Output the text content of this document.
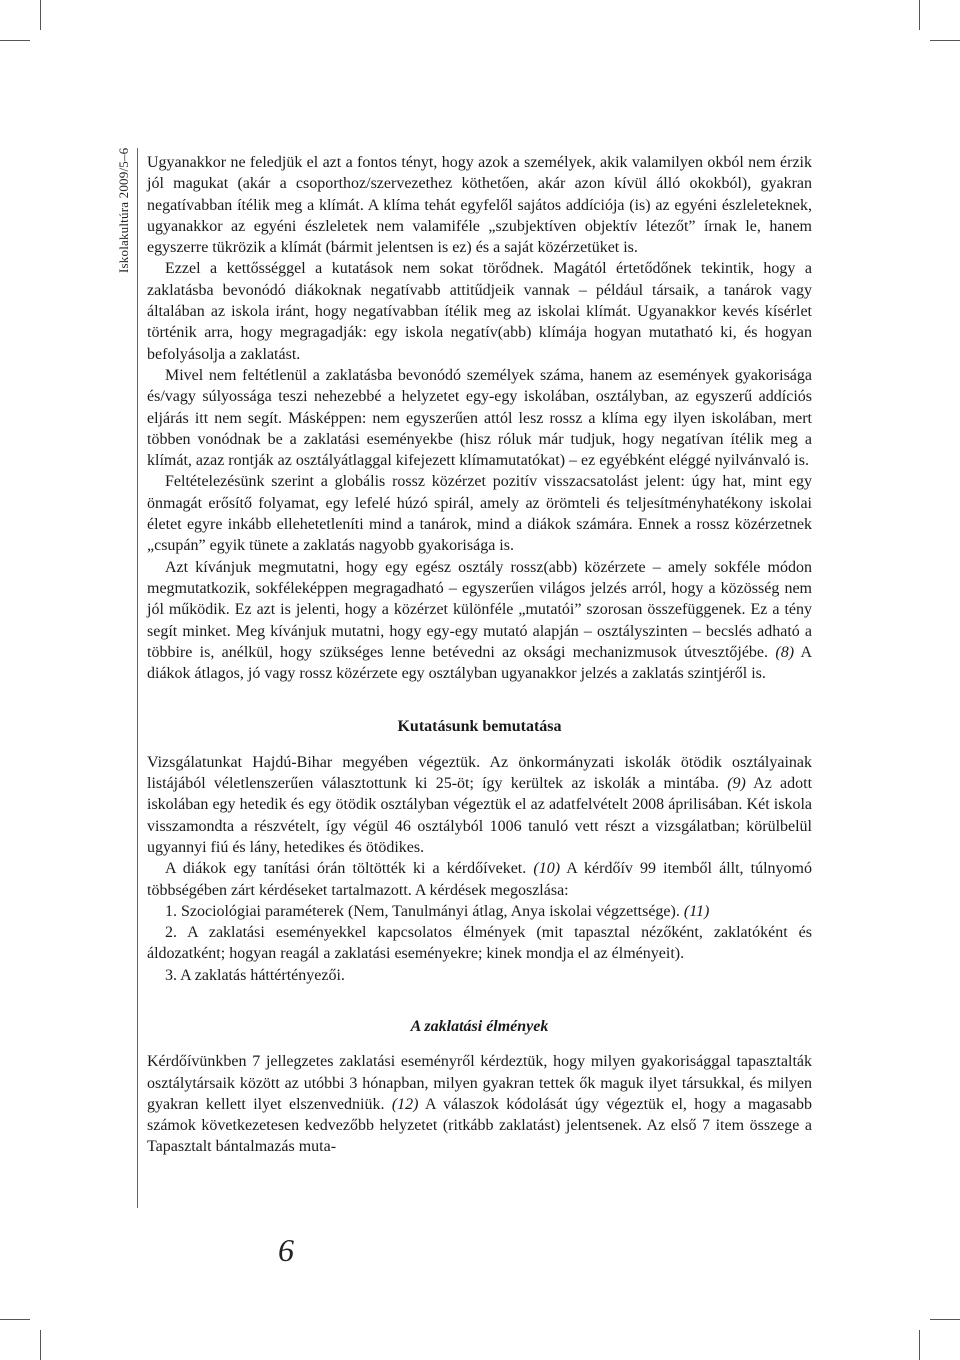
Iskolakultúra 2009/5–6 Ugyanakkor ne feledjük el azt a fontos tényt, hogy azok a személyek, akik valamilyen okból nem érzik jól magukat (akár a csoporthoz/szervezethez köthetően, akár azon kívül álló okokból), gyakran negatívabban ítélik meg a klímát. A klíma tehát egyfelől sajátos addíciója (is) az egyéni észleleteknek, ugyanakkor az egyéni észleletek nem valamiféle „szubjektíven objektív létezőt” írnak le, hanem egyszerre tükrözik a klímát (bármit jelentsen is ez) és a saját közérzetüket is.

Ezzel a kettősséggel a kutatások nem sokat törődnek. Magától értetődőnek tekintik, hogy a zaklatásba bevonódó diákoknak negatívabb attitűdjeik vannak – például társaik, a tanárok vagy általában az iskola iránt, hogy negatívabban ítélik meg az iskolai klímát. Ugyanakkor kevés kísérlet történik arra, hogy megragadják: egy iskola negatív(abb) klímája hogyan mutatható ki, és hogyan befolyásolja a zaklatást.

Mivel nem feltétlenül a zaklatásba bevonódó személyek száma, hanem az események gyakorisága és/vagy súlyossága teszi nehezebbé a helyzetet egy-egy iskolában, osztályban, az egyszerű addíciós eljárás itt nem segít. Másképpen: nem egyszerűen attól lesz rossz a klíma egy ilyen iskolában, mert többen vonódnak be a zaklatási eseményekbe (hisz róluk már tudjuk, hogy negatívan ítélik meg a klímát, azaz rontják az osztályátlaggal kifejezett klímamutatókat) – ez egyébként eléggé nyilvánvaló is.

Feltételezésünk szerint a globális rossz közérzet pozitív visszacsatolást jelent: úgy hat, mint egy önmagát erősítő folyamat, egy lefelé húzó spirál, amely az örömteli és teljesítményhatékony iskolai életet egyre inkább ellehetetleníti mind a tanárok, mind a diákok számára. Ennek a rossz közérzetnek „csupán” egyik tünete a zaklatás nagyobb gyakorisága is.

Azt kívánjuk megmutatni, hogy egy egész osztály rossz(abb) közérzete – amely sokféle módon megmutatkozik, sokféleképpen megragadható – egyszerűen világos jelzés arról, hogy a közösség nem jól működik. Ez azt is jelenti, hogy a közérzet különféle „mutatói” szorosan összefüggenek. Ez a tény segít minket. Meg kívánjuk mutatni, hogy egy-egy mutató alapján – osztályszinten – becslés adható a többire is, anélkül, hogy szükséges lenne betévedni az oksági mechanizmusok útvesztőjébe. (8) A diákok átlagos, jó vagy rossz közérzete egy osztályban ugyanakkor jelzés a zaklatás szintjéről is.

Kutatásunk bemutatása

Vizsgálatunkat Hajdú-Bihar megyében végeztük. Az önkormányzati iskolák ötödik osztályainak listájából véletlenszerűen választottunk ki 25-öt; így kerültek az iskolák a mintába. (9) Az adott iskolában egy hetedik és egy ötödik osztályban végeztük el az adatfelvételt 2008 áprilisában. Két iskola visszamondta a részvételt, így végül 46 osztályból 1006 tanuló vett részt a vizsgálatban; körülbelül ugyannyi fiú és lány, hetedikes és ötödikes.

A diákok egy tanítási órán töltötték ki a kérdőíveket. (10) A kérdőív 99 itemből állt, túlnyomó többségében zárt kérdéseket tartalmazott. A kérdések megoszlása:

1. Szociológiai paraméterek (Nem, Tanulmányi átlag, Anya iskolai végzettsége). (11)

2. A zaklatási eseményekkel kapcsolatos élmények (mit tapasztal nézőként, zaklatóként és áldozatként; hogyan reagál a zaklatási eseményekre; kinek mondja el az élményeit).

3. A zaklatás háttértényezői.

A zaklatási élmények

Kérdőívünkben 7 jellegzetes zaklatási eseményről kérdeztük, hogy milyen gyakorisággal tapasztalták osztálytársaik között az utóbbi 3 hónapban, milyen gyakran tettek ők maguk ilyet társukkal, és milyen gyakran kellett ilyet elszenvedniük. (12) A válaszok kódolását úgy végeztük el, hogy a magasabb számok következetesen kedvezőbb helyzetet (ritkább zaklatást) jelentsenek. Az első 7 item összege a Tapasztalt bántalmazás muta-

6
